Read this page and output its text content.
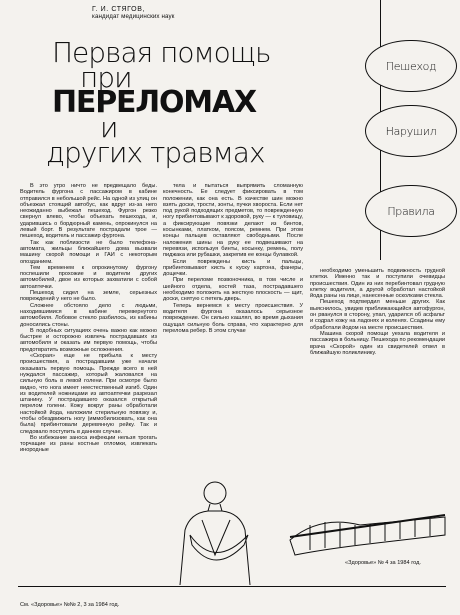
Г. И. СТЯГОВ,
кандидат медицинских наук
Первая помощь
при
ПЕРЕЛОМАХ
и
других травмах
Пешеход
Нарушил
Правила

В это утро ничто не предвещало беды. Водитель фургона с пассажиром в кабине отправился в небольшой рейс. На одной из улиц он объезжал стоящий автобус, как вдруг из-за него неожиданно выбежал пешеход. Фургон резко свернул влево, чтобы объехать пешехода, и, ударившись о бордюрный камень, опрокинулся на левый борт. В результате пострадали трое — пешеход, водитель и пассажир фургона.

Так как поблизости не было телефона-автомата, жильцы ближайшего дома вызвали машину скорой помощи и ГАИ с некоторым опозданием.

Тем временем к опрокинутому фургону поспешили прохожие и водители других автомобилей, двое из которых захватили с собой автоаптечки.

Пешеход сидел на земле, серьезных повреждений у него не было.

Сложнее обстояло дело с людьми, находившимися в кабине перевернутого автомобиля. Лобовое стекло разбилось, из кабины доносились стоны.

В подобных ситуациях очень важно как можно быстрее и осторожно извлечь пострадавших из автомобиля и оказать им первую помощь, чтобы предотвратить возможные осложнения.

«Скорая» еще не прибыла к месту происшествия, а пострадавшим уже начали оказывать первую помощь. Прежде всего в ней нуждался пассажир, который жаловался на сильную боль в левой голени. При осмотре было видно, что нога имеет неестественный изгиб. Один из водителей ножницами из автоаптечки разрезал штанину. У пострадавшего оказался открытый перелом голени. Кожу вокруг раны обработали настойкой йода, наложили стерильную повязку и, чтобы обездвижить ногу (иммобилизовать, как она была) прибинтовали деревянную рейку. Так и следовало поступить в данном случае.

Во избежание заноса инфекции нельзя трогать торчащие из раны костные отломки, извлекать инородные

тела и пытаться выпрямить сломанную конечность. Ее следует фиксировать в том положении, как она есть. В качестве шин можно взять доски, трости, зонты, пучки хвороста. Если нет под рукой подходящих предметов, то поврежденную ногу прибинтовывают к здоровой, руку — к туловищу, а фиксирующие повязки делают из бинтов, косынками, платком, поясом, ремнем. При этом концы пальцев оставляют свободными. После наложения шины на руку ее подвешивают на перевязи, используя бинты, косынку, ремень, полу пиджака или рубашки, закрепив ее концы булавкой.

Если повреждены кисть и пальцы, прибинтовывают кисть к куску картона, фанеры, дощечки.

При переломе позвоночника, в том числе и шейного отдела, костей таза, пострадавшего необходимо положить на жесткую плоскость — щит, доски, снятую с петель дверь.

Теперь вернемся к месту происшествия. У водителя фургона оказалось серьезное повреждение. Он сильно кашлял, во время дыхания ощущал сильную боль справа, что характерно для перелома ребер. В этом случае

необходимо уменьшить подвижность грудной клетки. Именно так и поступили очевидцы происшествия. Один из них перебинтовал грудную клетку водителя, а другой обработал настойкой йода раны на лице, нанесенные осколками стекла.

Пешеход подтвердил меньше других. Как выяснилось, увидев приближающийся автофургон, он рванулся в сторону, упал, ударился об асфальт и содрал кожу на ладонях и коленях. Ссадины ему обработали йодом на месте происшествия.

Машина скорой помощи уехала водителя и пассажира в больницу. Пешехода по рекомендации врача «Скорой» один из свидетелей отвел в ближайшую поликлинику.

«Здоровье» № 4 за 1984 год.
См. «Здоровье» №№ 2, 3 за 1984 год.
